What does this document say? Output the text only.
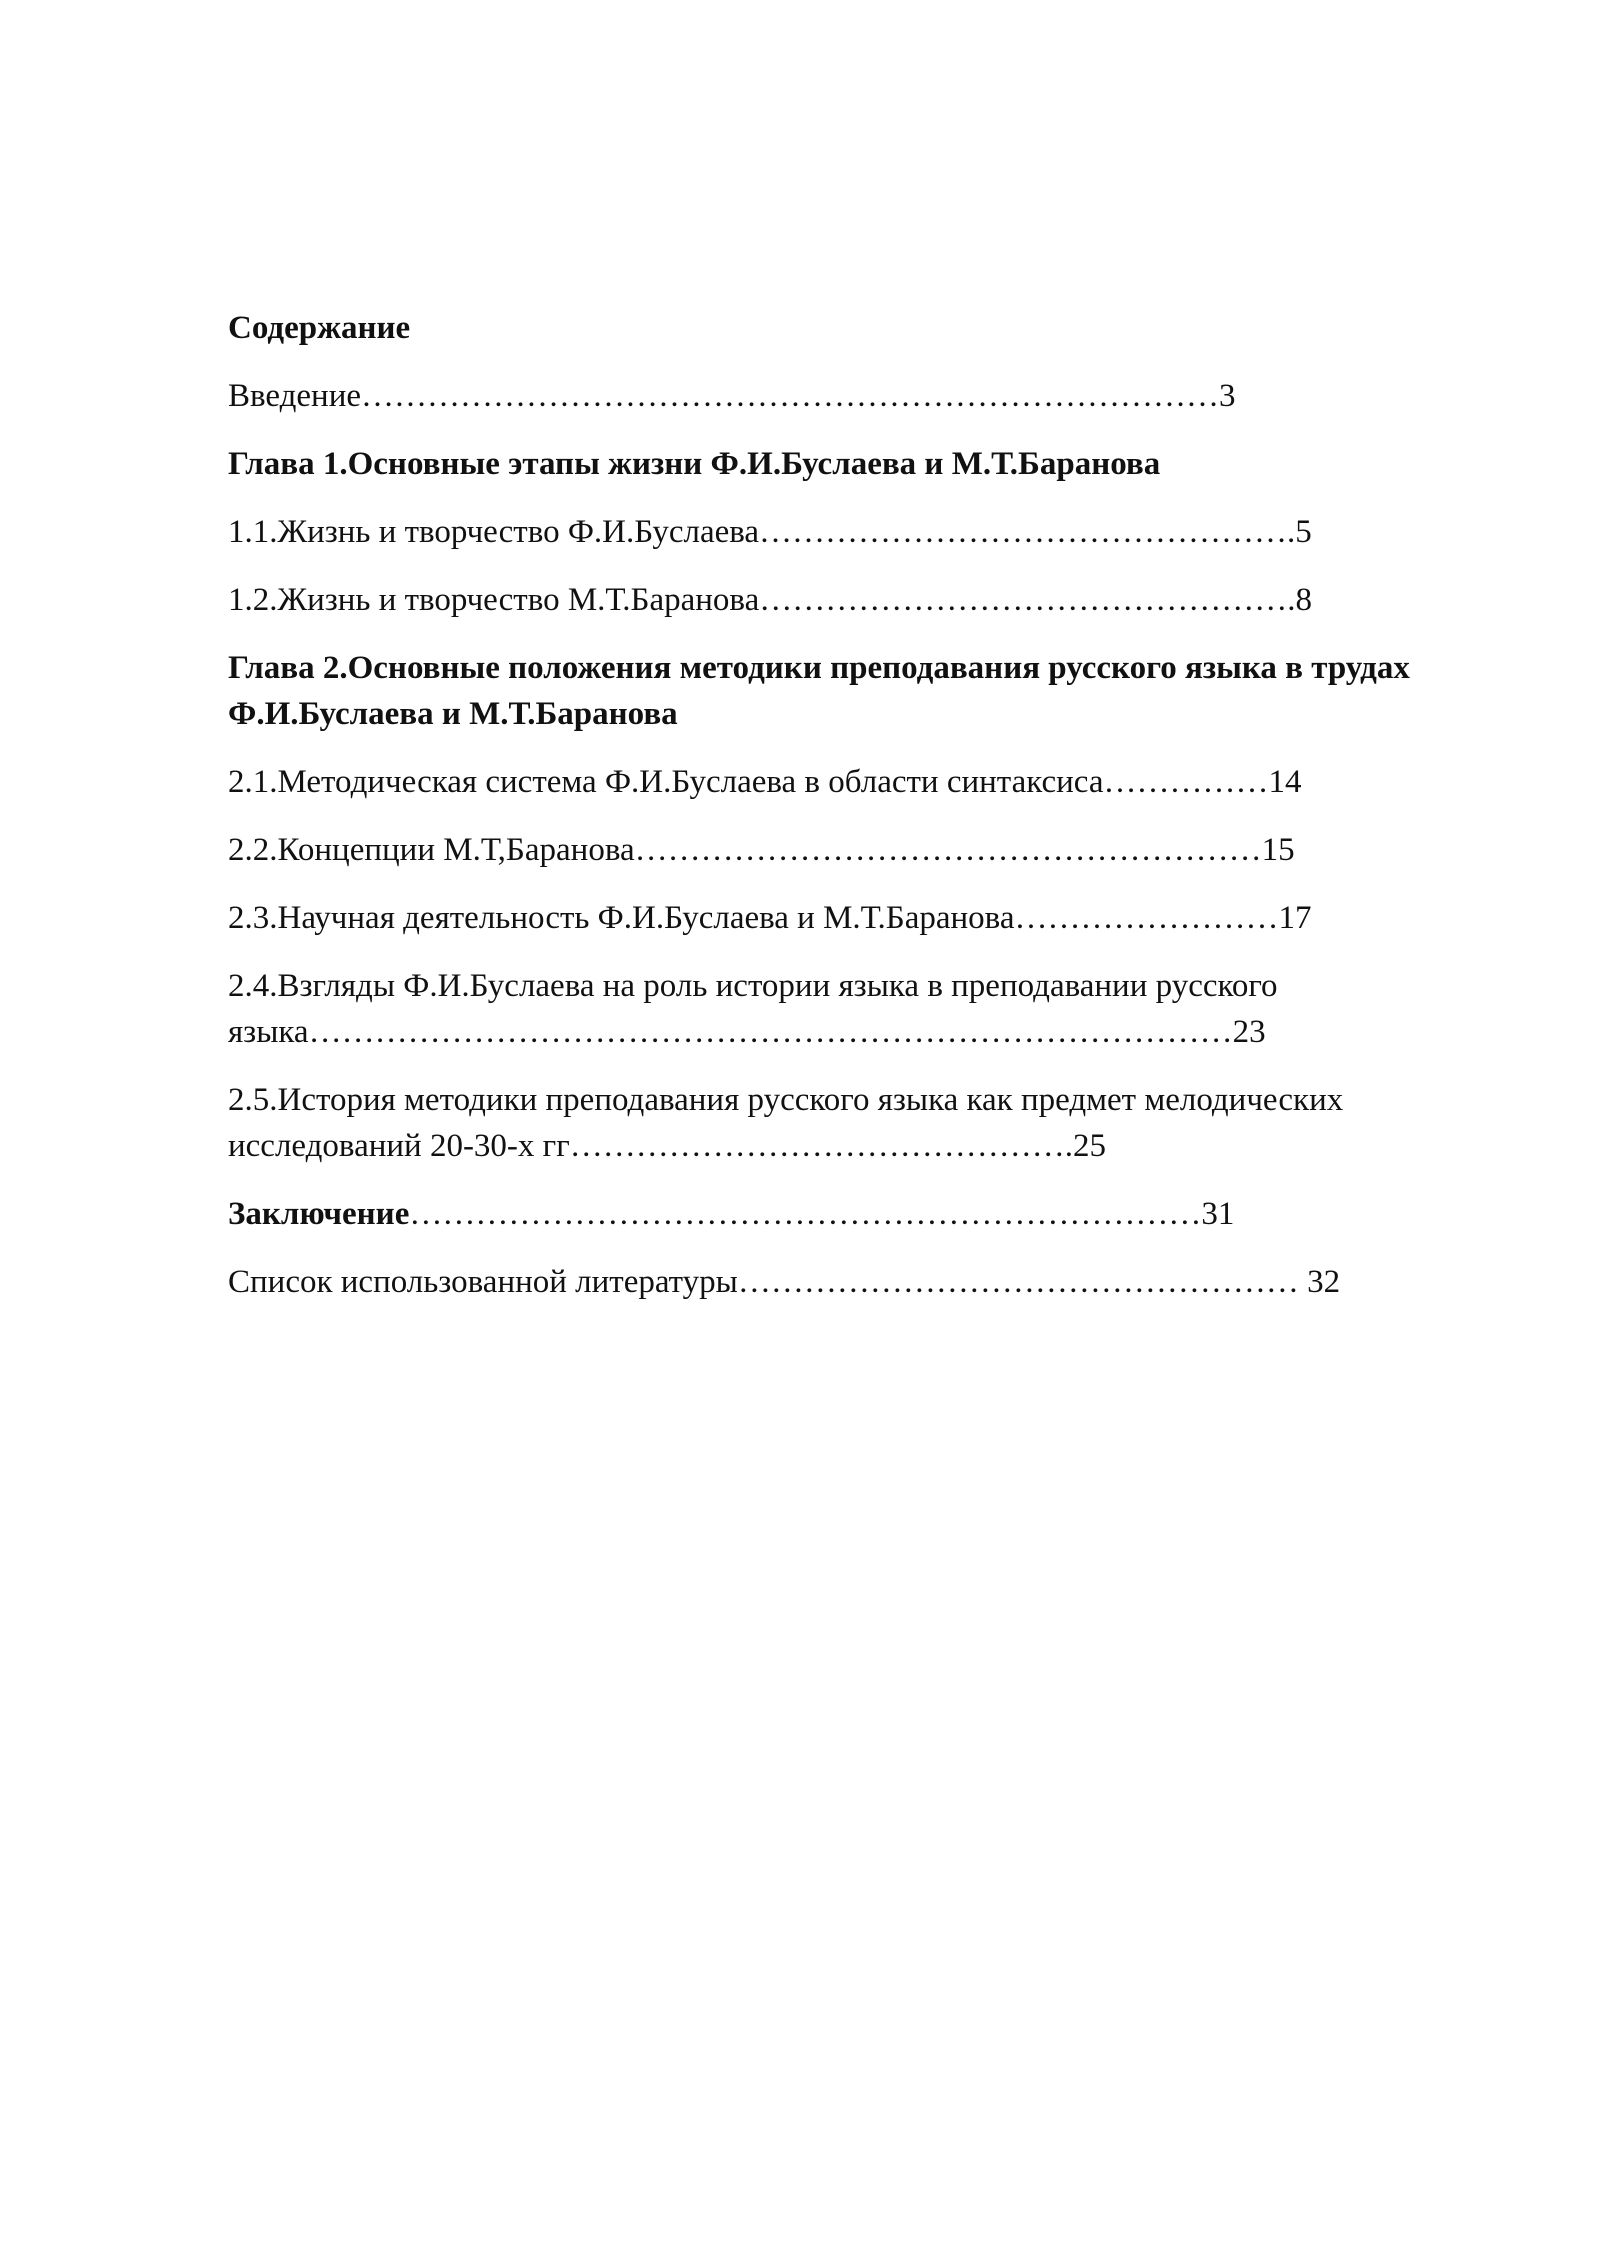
Содержание
Введение……………………………………………………………………3
Глава 1.Основные этапы жизни Ф.И.Буслаева и М.Т.Баранова
1.1.Жизнь и творчество Ф.И.Буслаева………………………………………….5
1.2.Жизнь и творчество М.Т.Баранова………………………………………….8
Глава 2.Основные положения методики преподавания русского языка в трудах Ф.И.Буслаева и М.Т.Баранова
2.1.Методическая система Ф.И.Буслаева в области синтаксиса……………14
2.2.Концепции М.Т,Баранова…………………………………………………15
2.3.Научная деятельность Ф.И.Буслаева и М.Т.Баранова……………………17
2.4.Взгляды Ф.И.Буслаева на роль истории языка в преподавании русского языка…………………………………………………………………………23
2.5.История методики преподавания русского языка как предмет мелодических исследований 20-30-х гг……………………………………….25
Заключение………………………………………………………………31
Список использованной литературы…………………………………………… 32
